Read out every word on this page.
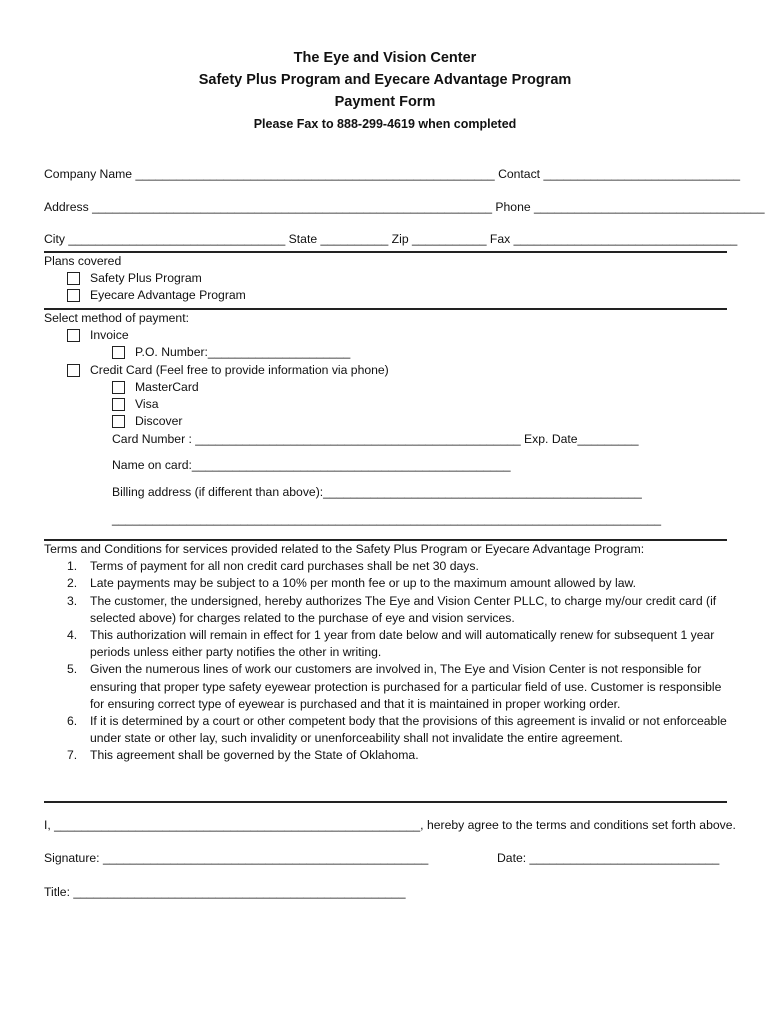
The Eye and Vision Center
Safety Plus Program and Eyecare Advantage Program
Payment Form
Please Fax to 888-299-4619 when completed
Company Name _____________________________________________________ Contact _____________________________
Address ___________________________________________________________ Phone __________________________________
City ________________________________ State __________ Zip ___________ Fax _________________________________
Plans covered
Safety Plus Program
Eyecare Advantage Program
Select method of payment:
Invoice
P.O. Number:_____________________
Credit Card (Feel free to provide information via phone)
MasterCard
Visa
Discover
Card Number : ________________________________________________ Exp. Date_________
Name on card:_______________________________________________
Billing address (if different than above):_______________________________________________
_________________________________________________________________________________
Terms and Conditions for services provided related to the Safety Plus Program or Eyecare Advantage Program:
1. Terms of payment for all non credit card purchases shall be net 30 days.
2. Late payments may be subject to a 10% per month fee or up to the maximum amount allowed by law.
3. The customer, the undersigned, hereby authorizes The Eye and Vision Center PLLC, to charge my/our credit card (if selected above) for charges related to the purchase of eye and vision services.
4. This authorization will remain in effect for 1 year from date below and will automatically renew for subsequent 1 year periods unless either party notifies the other in writing.
5. Given the numerous lines of work our customers are involved in, The Eye and Vision Center is not responsible for ensuring that proper type safety eyewear protection is purchased for a particular field of use. Customer is responsible for ensuring correct type of eyewear is purchased and that it is maintained in proper working order.
6. If it is determined by a court or other competent body that the provisions of this agreement is invalid or not enforceable under state or other lay, such invalidity or unenforceability shall not invalidate the entire agreement.
7. This agreement shall be governed by the State of Oklahoma.
I, ______________________________________________________, hereby agree to the terms and conditions set forth above.
Signature: ________________________________________________	Date: ____________________________
Title: _________________________________________________
